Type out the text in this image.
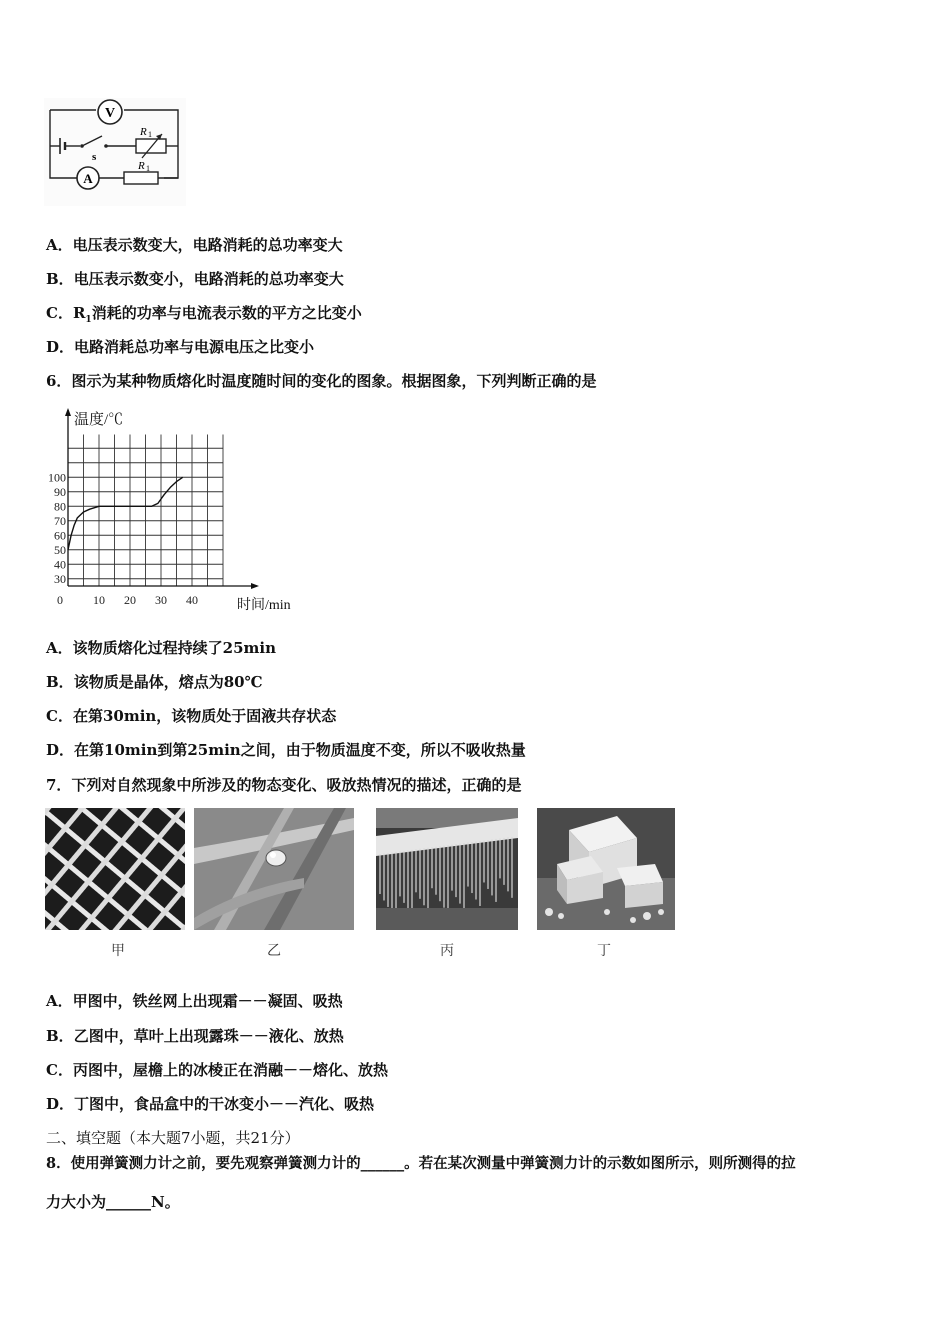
V
A
R 1
s
R 1
A．电压表示数变大，电路消耗的总功率变大
B．电压表示数变小，电路消耗的总功率变大
C．$R_1$消耗的功率与电流表示数的平方之比变小
D．电路消耗总功率与电源电压之比变小
6．图示为某种物质熔化时温度随时间的变化的图象。根据图象，下列判断正确的是
30
40
50
60
70
80
90
100
0	10 20 30 40
温度/℃
时间/min
A．该物质熔化过程持续了25min
B．该物质是晶体，熔点为80℃
C．在第30min，该物质处于固液共存状态
D．在第10min到第25min之间，由于物质温度不变，所以不吸收热量
7．下列对自然现象中所涉及的物态变化、吸放热情况的描述，正确的是
甲	乙	丙	丁
A．甲图中，铁丝网上出现霜－－凝固、吸热
B．乙图中，草叶上出现露珠－－液化、放热
C．丙图中，屋檐上的冰棱正在消融－－熔化、放热
D．丁图中，食品盒中的干冰变小－－汽化、吸热
二、填空题（本大题7小题，共21分）
8．使用弹簧测力计之前，要先观察弹簧测力计的______。若在某次测量中弹簧测力计的示数如图所示，则所测得的拉
力大小为______N。
